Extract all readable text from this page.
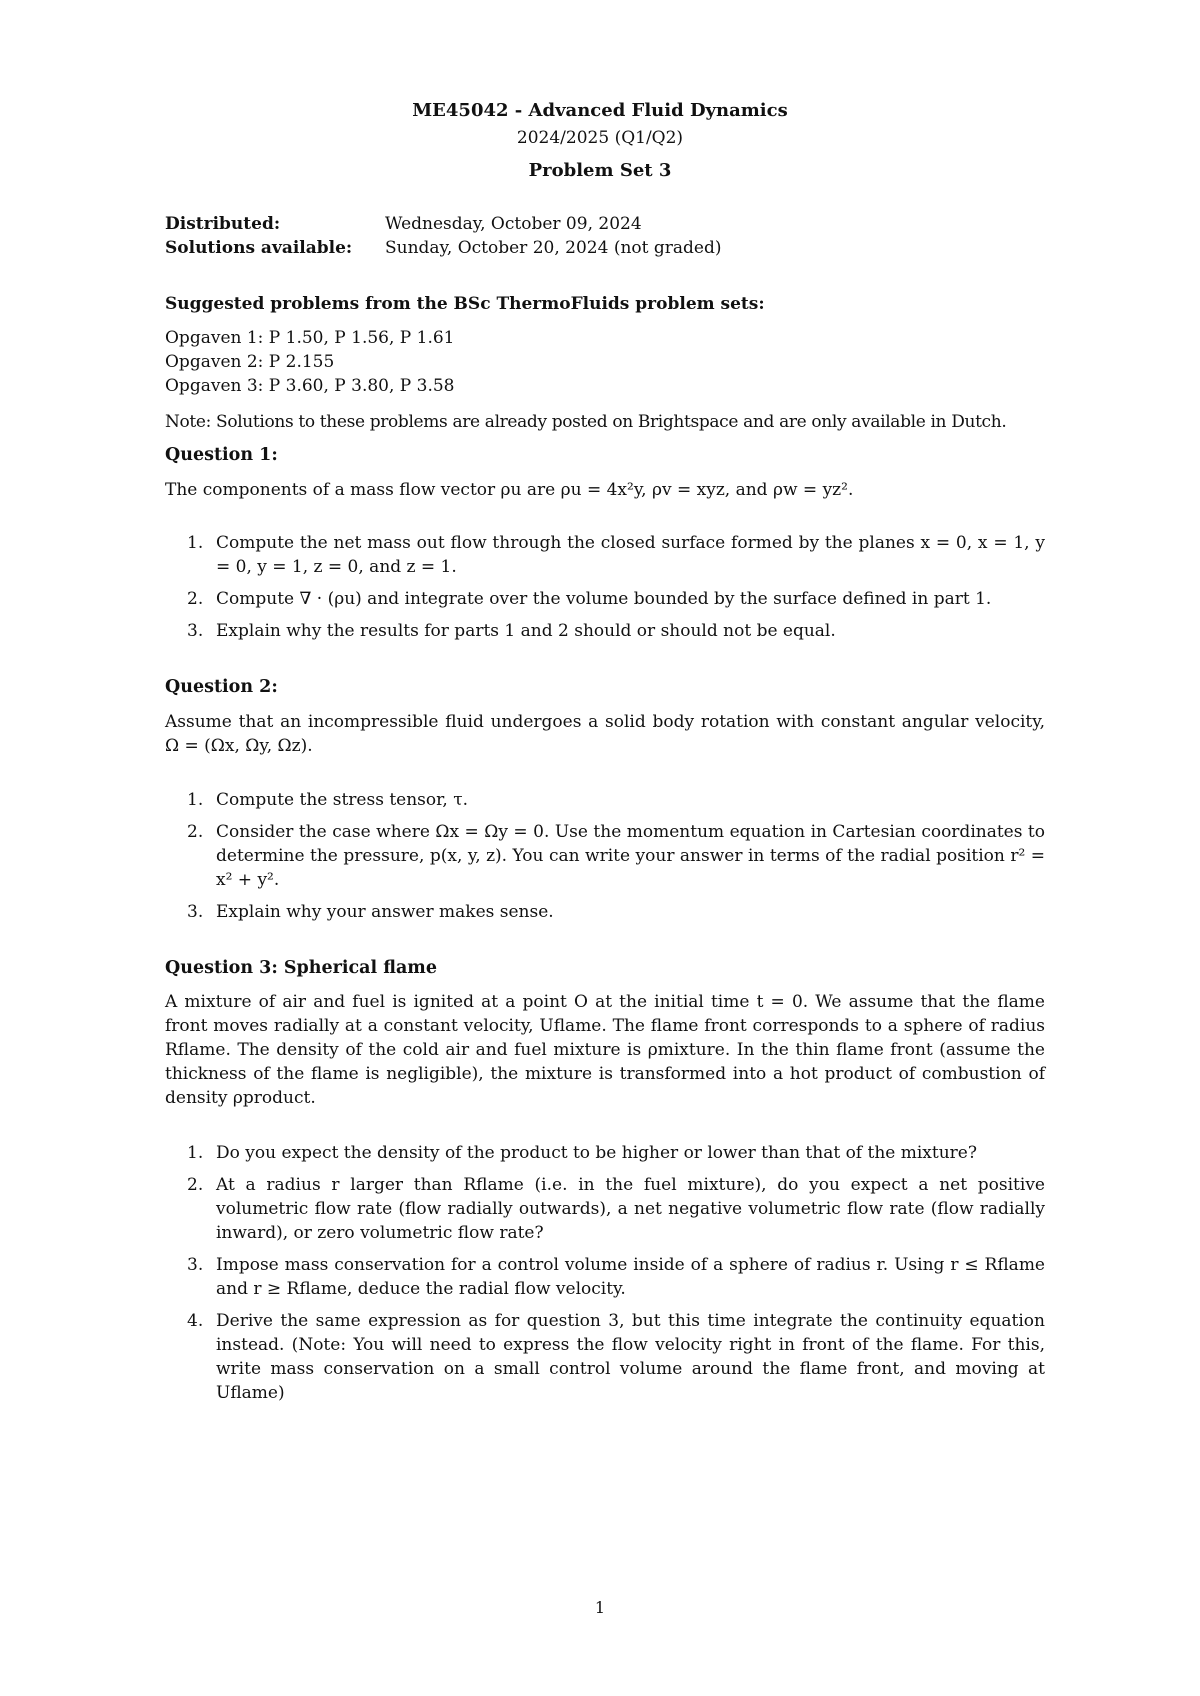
ME45042 - Advanced Fluid Dynamics
2024/2025 (Q1/Q2)
Problem Set 3
Distributed:	Wednesday, October 09, 2024
Solutions available:	Sunday, October 20, 2024 (not graded)
Suggested problems from the BSc ThermoFluids problem sets:
Opgaven 1: P 1.50, P 1.56, P 1.61
Opgaven 2: P 2.155
Opgaven 3: P 3.60, P 3.80, P 3.58
Note: Solutions to these problems are already posted on Brightspace and are only available in Dutch.
Question 1:
The components of a mass flow vector ρu are ρu = 4x²y, ρv = xyz, and ρw = yz².
1. Compute the net mass out flow through the closed surface formed by the planes x = 0, x = 1, y = 0, y = 1, z = 0, and z = 1.
2. Compute ∇ · (ρu) and integrate over the volume bounded by the surface defined in part 1.
3. Explain why the results for parts 1 and 2 should or should not be equal.
Question 2:
Assume that an incompressible fluid undergoes a solid body rotation with constant angular velocity, Ω = (Ωx, Ωy, Ωz).
1. Compute the stress tensor, τ.
2. Consider the case where Ωx = Ωy = 0. Use the momentum equation in Cartesian coordinates to determine the pressure, p(x, y, z). You can write your answer in terms of the radial position r² = x² + y².
3. Explain why your answer makes sense.
Question 3: Spherical flame
A mixture of air and fuel is ignited at a point O at the initial time t = 0. We assume that the flame front moves radially at a constant velocity, Uflame. The flame front corresponds to a sphere of radius Rflame. The density of the cold air and fuel mixture is ρmixture. In the thin flame front (assume the thickness of the flame is negligible), the mixture is transformed into a hot product of combustion of density ρproduct.
1. Do you expect the density of the product to be higher or lower than that of the mixture?
2. At a radius r larger than Rflame (i.e. in the fuel mixture), do you expect a net positive volumetric flow rate (flow radially outwards), a net negative volumetric flow rate (flow radially inward), or zero volumetric flow rate?
3. Impose mass conservation for a control volume inside of a sphere of radius r. Using r ≤ Rflame and r ≥ Rflame, deduce the radial flow velocity.
4. Derive the same expression as for question 3, but this time integrate the continuity equation instead. (Note: You will need to express the flow velocity right in front of the flame. For this, write mass conservation on a small control volume around the flame front, and moving at Uflame)
1
